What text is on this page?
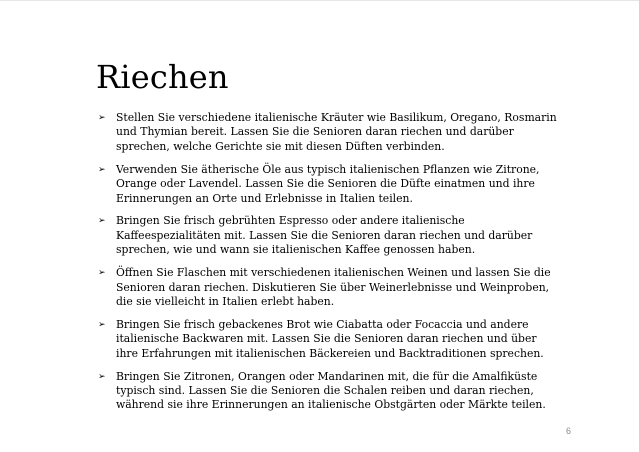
Riechen
➢ Stellen Sie verschiedene italienische Kräuter wie Basilikum, Oregano, Rosmarin und Thymian bereit. Lassen Sie die Senioren daran riechen und darüber sprechen, welche Gerichte sie mit diesen Düften verbinden.
➢ Verwenden Sie ätherische Öle aus typisch italienischen Pflanzen wie Zitrone, Orange oder Lavendel. Lassen Sie die Senioren die Düfte einatmen und ihre Erinnerungen an Orte und Erlebnisse in Italien teilen.
➢ Bringen Sie frisch gebrühten Espresso oder andere italienische Kaffeespezialitäten mit. Lassen Sie die Senioren daran riechen und darüber sprechen, wie und wann sie italienischen Kaffee genossen haben.
➢ Öffnen Sie Flaschen mit verschiedenen italienischen Weinen und lassen Sie die Senioren daran riechen. Diskutieren Sie über Weinerlebnisse und Weinproben, die sie vielleicht in Italien erlebt haben.
➢ Bringen Sie frisch gebackenes Brot wie Ciabatta oder Focaccia und andere italienische Backwaren mit. Lassen Sie die Senioren daran riechen und über ihre Erfahrungen mit italienischen Bäckereien und Backtraditionen sprechen.
➢ Bringen Sie Zitronen, Orangen oder Mandarinen mit, die für die Amalfiküste typisch sind. Lassen Sie die Senioren die Schalen reiben und daran riechen, während sie ihre Erinnerungen an italienische Obstgärten oder Märkte teilen.
6
